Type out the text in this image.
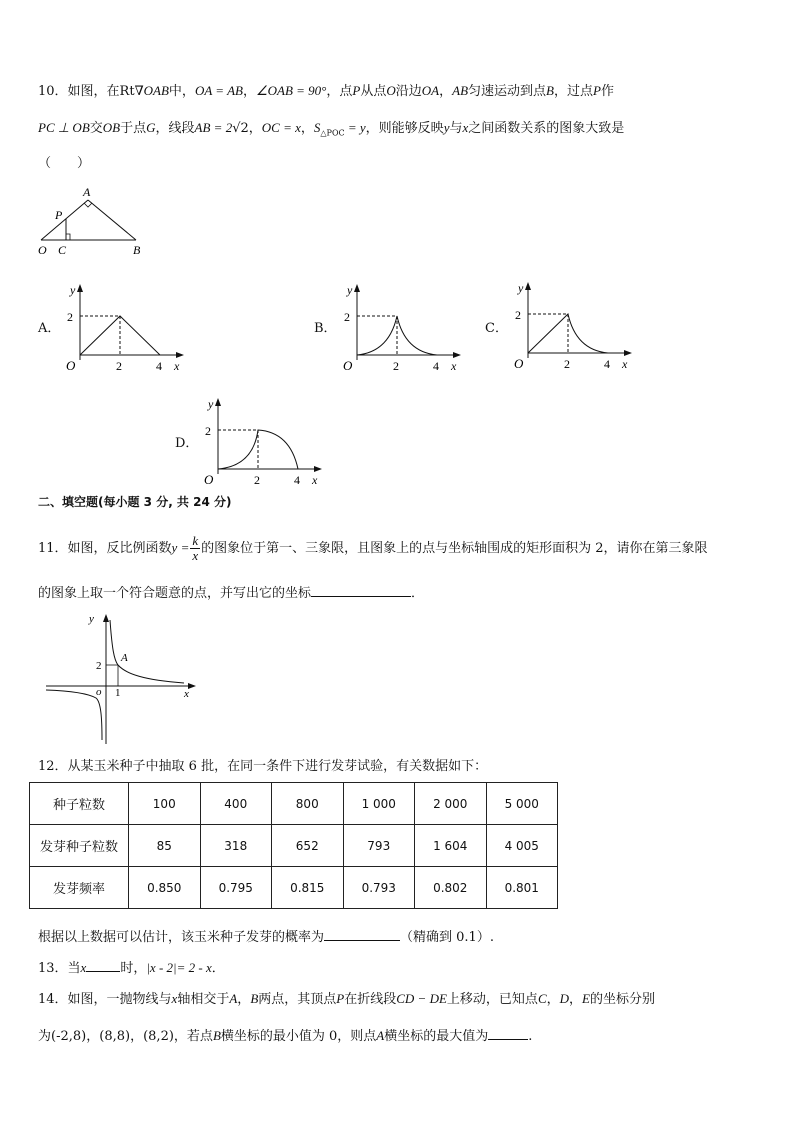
10．如图，在Rt∇OAB中，OA = AB，∠OAB = 90°，点P从点O沿边OA，AB匀速运动到点B，过点P作
PC ⊥ OB交OB于点G，线段AB = 2√2，OC = x，$S_{\triangle POC} = y$，则能够反映y与x之间函数关系的图象大致是
（　　）
A
P
O C	B
A．	B．	C．
D．
y
2
O	2	4 x
y
2
O	2	4 x
y
2
O	2	4 x
y
2
O	2	4 x
二、填空题(每小题 3 分, 共 24 分)
11．如图，反比例函数$y = \frac{k}{x}$ 的图象位于第一、三象限，且图象上的点与坐标轴围成的矩形面积为 2，请你在第三象限
的图象上取一个符合题意的点，并写出它的坐标	．
y
2
A
o 1	x
12．从某玉米种子中抽取 6 批，在同一条件下进行发芽试验，有关数据如下：
种子粒数	100	400	800	1 000	2 000	5 000
发芽种子粒数	85	318	652	793	1 604	4 005
发芽频率	0.850	0.795	0.815	0.793	0.802	0.801
根据以上数据可以估计，该玉米种子发芽的概率为	（精确到 0.1）.
13．当x	时，|x - 2|= 2 - x．
14．如图，一抛物线与x轴相交于A，B两点，其顶点P在折线段CD − DE上移动，已知点C，D，E的坐标分别
为(-2,8)，(8,8)，(8,2)，若点B横坐标的最小值为 0，则点A横坐标的最大值为	.
